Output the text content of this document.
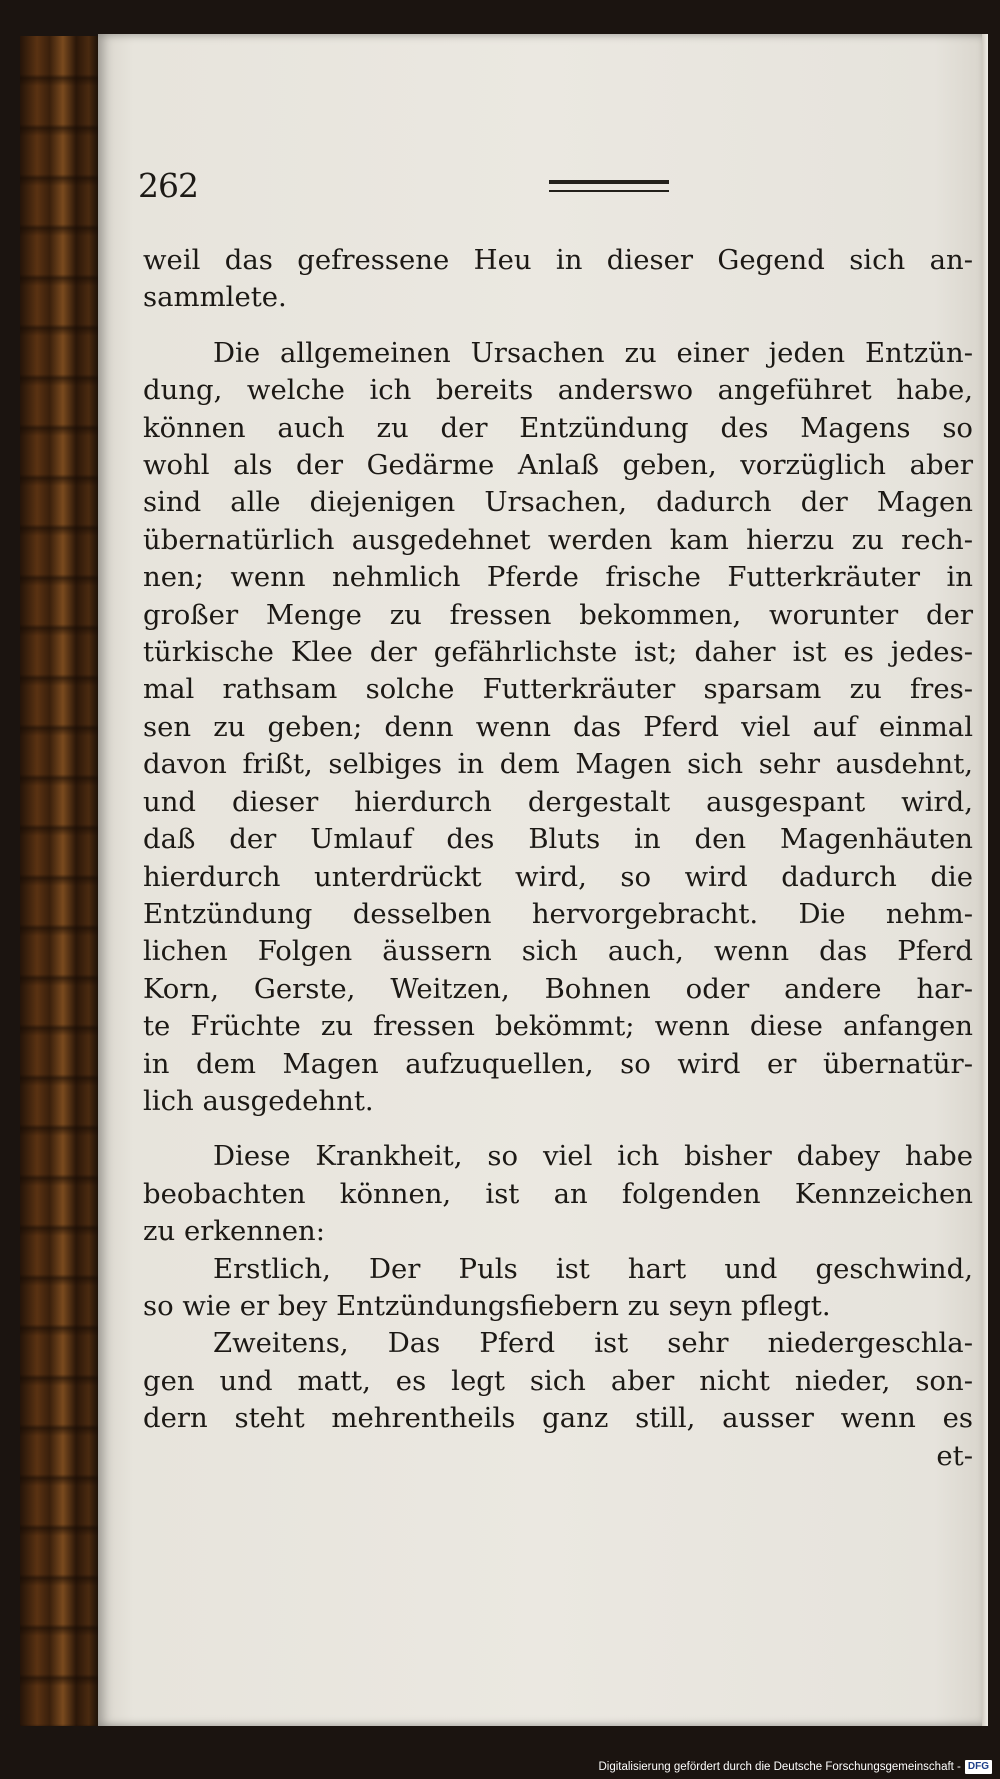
262
weil das gefressene Heu in dieser Gegend sich an-
sammlete.
Die allgemeinen Ursachen zu einer jeden Entzün-
dung, welche ich bereits anderswo angeführet habe,
können auch zu der Entzündung des Magens so
wohl als der Gedärme Anlaß geben, vorzüglich aber
sind alle diejenigen Ursachen, dadurch der Magen
übernatürlich ausgedehnet werden kam hierzu zu rech-
nen; wenn nehmlich Pferde frische Futterkräuter in
großer Menge zu fressen bekommen, worunter der
türkische Klee der gefährlichste ist; daher ist es jedes-
mal rathsam solche Futterkräuter sparsam zu fres-
sen zu geben; denn wenn das Pferd viel auf einmal
davon frißt, selbiges in dem Magen sich sehr ausdehnt,
und dieser hierdurch dergestalt ausgespant wird,
daß der Umlauf des Bluts in den Magenhäuten
hierdurch unterdrückt wird, so wird dadurch die
Entzündung desselben hervorgebracht. Die nehm-
lichen Folgen äussern sich auch, wenn das Pferd
Korn, Gerste, Weitzen, Bohnen oder andere har-
te Früchte zu fressen bekömmt; wenn diese anfangen
in dem Magen aufzuquellen, so wird er übernatür-
lich ausgedehnt.
Diese Krankheit, so viel ich bisher dabey habe
beobachten können, ist an folgenden Kennzeichen
zu erkennen:
Erstlich, Der Puls ist hart und geschwind,
so wie er bey Entzündungsfiebern zu seyn pflegt.
Zweitens, Das Pferd ist sehr niedergeschla-
gen und matt, es legt sich aber nicht nieder, son-
dern steht mehrentheils ganz still, ausser wenn es
et-
Digitalisierung gefördert durch die Deutsche Forschungsgemeinschaft - DFG
